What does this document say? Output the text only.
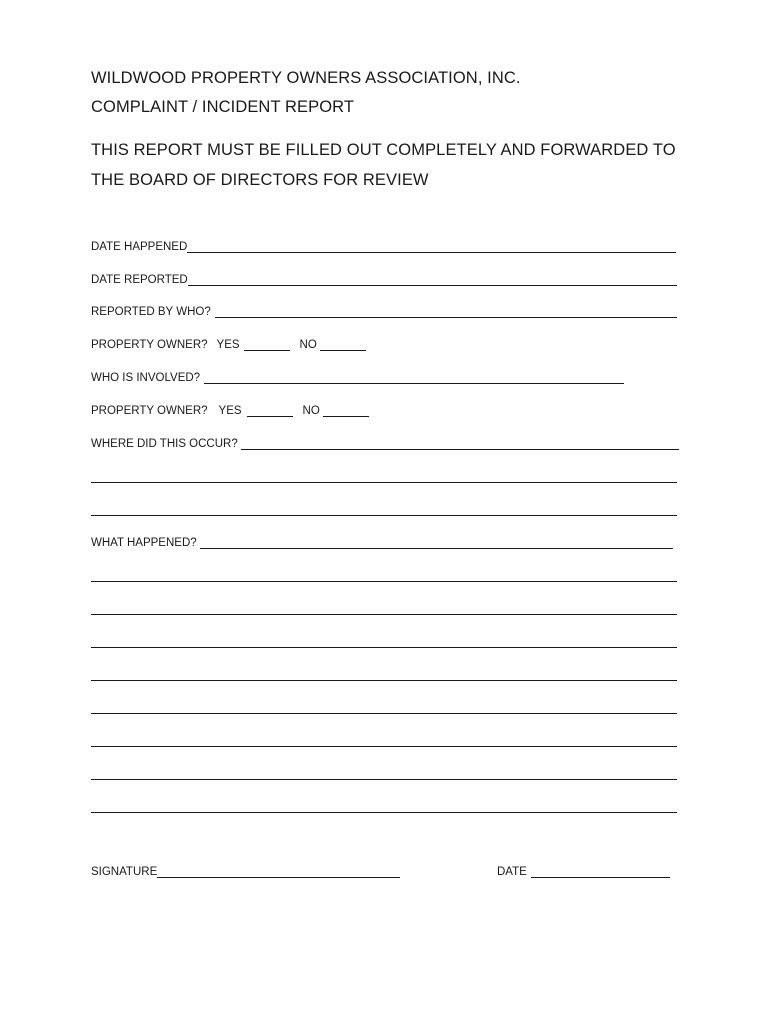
WILDWOOD PROPERTY OWNERS ASSOCIATION, INC.
COMPLAINT / INCIDENT REPORT
THIS REPORT MUST BE FILLED OUT COMPLETELY AND FORWARDED TO
THE BOARD OF DIRECTORS FOR REVIEW
DATE HAPPENED
DATE REPORTED
REPORTED BY WHO?
PROPERTY OWNER? YES	NO
WHO IS INVOLVED?
PROPERTY OWNER? YES	NO
WHERE DID THIS OCCUR?
WHAT HAPPENED?
SIGNATURE	DATE
